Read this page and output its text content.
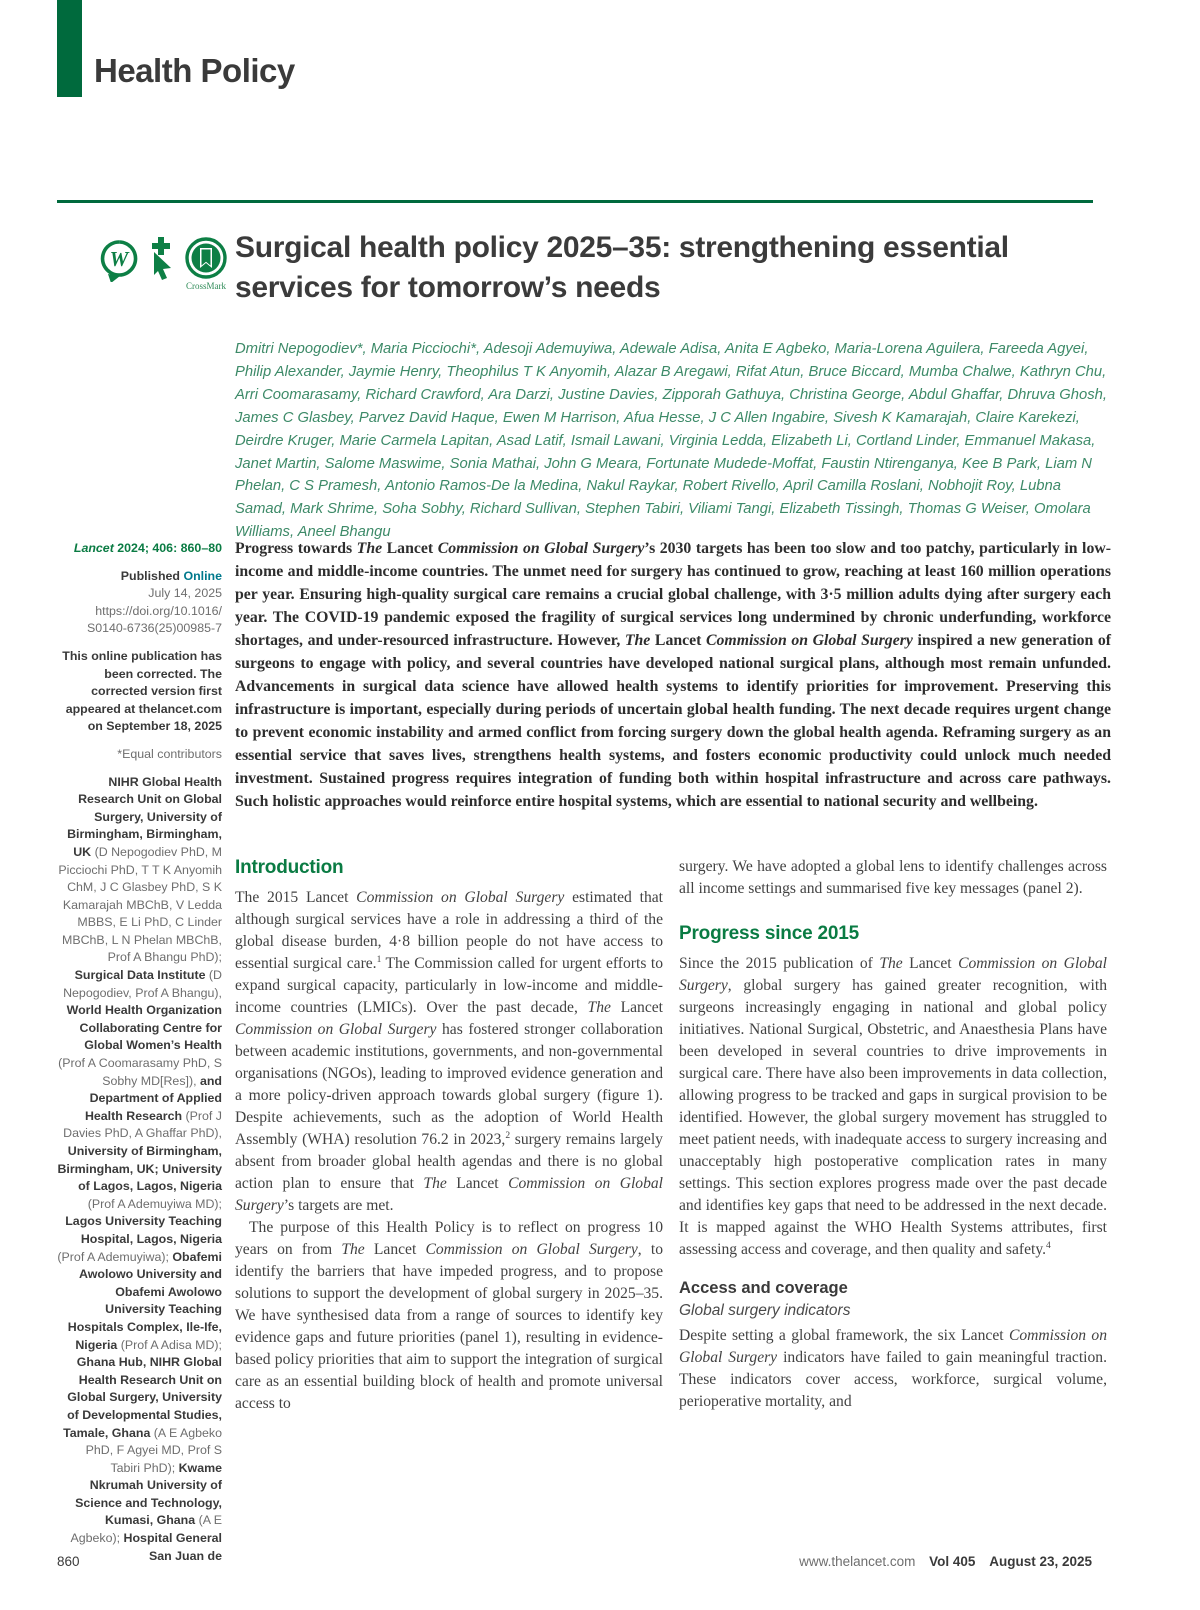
Health Policy
W
CrossMark
Surgical health policy 2025–35: strengthening essential
services for tomorrow’s needs

Dmitri Nepogodiev*, Maria Picciochi*, Adesoji Ademuyiwa, Adewale Adisa, Anita E Agbeko, Maria-Lorena Aguilera, Fareeda Agyei, Philip Alexander, Jaymie Henry, Theophilus T K Anyomih, Alazar B Aregawi, Rifat Atun, Bruce Biccard, Mumba Chalwe, Kathryn Chu, Arri Coomarasamy, Richard Crawford, Ara Darzi, Justine Davies, Zipporah Gathuya, Christina George, Abdul Ghaffar, Dhruva Ghosh, James C Glasbey, Parvez David Haque, Ewen M Harrison, Afua Hesse, J C Allen Ingabire, Sivesh K Kamarajah, Claire Karekezi, Deirdre Kruger, Marie Carmela Lapitan, Asad Latif, Ismail Lawani, Virginia Ledda, Elizabeth Li, Cortland Linder, Emmanuel Makasa, Janet Martin, Salome Maswime, Sonia Mathai, John G Meara, Fortunate Mudede-Moffat, Faustin Ntirenganya, Kee B Park, Liam N Phelan, C S Pramesh, Antonio Ramos-De la Medina, Nakul Raykar, Robert Rivello, April Camilla Roslani, Nobhojit Roy, Lubna Samad, Mark Shrime, Soha Sobhy, Richard Sullivan, Stephen Tabiri, Viliami Tangi, Elizabeth Tissingh, Thomas G Weiser, Omolara Williams, Aneel Bhangu

Progress towards The Lancet Commission on Global Surgery’s 2030 targets has been too slow and too patchy, particularly in low-income and middle-income countries. The unmet need for surgery has continued to grow, reaching at least 160 million operations per year. Ensuring high-quality surgical care remains a crucial global challenge, with 3·5 million adults dying after surgery each year. The COVID-19 pandemic exposed the fragility of surgical services long undermined by chronic underfunding, workforce shortages, and under-resourced infrastructure. However, The Lancet Commission on Global Surgery inspired a new generation of surgeons to engage with policy, and several countries have developed national surgical plans, although most remain unfunded. Advancements in surgical data science have allowed health systems to identify priorities for improvement. Preserving this infrastructure is important, especially during periods of uncertain global health funding. The next decade requires urgent change to prevent economic instability and armed conflict from forcing surgery down the global health agenda. Reframing surgery as an essential service that saves lives, strengthens health systems, and fosters economic productivity could unlock much needed investment. Sustained progress requires integration of funding both within hospital infrastructure and across care pathways. Such holistic approaches would reinforce entire hospital systems, which are essential to national security and wellbeing.

Lancet 2024; 406: 860–80

Published Online
July 14, 2025
https://doi.org/10.1016/
S0140-6736(25)00985-7

This online publication has been corrected. The corrected version first appeared at thelancet.com on September 18, 2025

*Equal contributors

NIHR Global Health Research Unit on Global Surgery, University of Birmingham, Birmingham, UK (D Nepogodiev PhD, M Picciochi PhD, T T K Anyomih ChM, J C Glasbey PhD, S K Kamarajah MBChB, V Ledda MBBS, E Li PhD, C Linder MBChB, L N Phelan MBChB, Prof A Bhangu PhD); Surgical Data Institute (D Nepogodiev, Prof A Bhangu), World Health Organization Collaborating Centre for Global Women’s Health (Prof A Coomarasamy PhD, S Sobhy MD[Res]), and Department of Applied Health Research (Prof J Davies PhD, A Ghaffar PhD), University of Birmingham, Birmingham, UK; University of Lagos, Lagos, Nigeria (Prof A Ademuyiwa MD); Lagos University Teaching Hospital, Lagos, Nigeria (Prof A Ademuyiwa); Obafemi Awolowo University and Obafemi Awolowo University Teaching Hospitals Complex, Ile-Ife, Nigeria (Prof A Adisa MD); Ghana Hub, NIHR Global Health Research Unit on Global Surgery, University of Developmental Studies, Tamale, Ghana (A E Agbeko PhD, F Agyei MD, Prof S Tabiri PhD); Kwame Nkrumah University of Science and Technology, Kumasi, Ghana (A E Agbeko); Hospital General San Juan de

Introduction

The 2015 Lancet Commission on Global Surgery estimated that although surgical services have a role in addressing a third of the global disease burden, 4·8 billion people do not have access to essential surgical care.$^1$ The Commission called for urgent efforts to expand surgical capacity, particularly in low-income and middle-income countries (LMICs). Over the past decade, The Lancet Commission on Global Surgery has fostered stronger collaboration between academic institutions, governments, and non-governmental organisations (NGOs), leading to improved evidence generation and a more policy-driven approach towards global surgery (figure 1). Despite achievements, such as the adoption of World Health Assembly (WHA) resolution 76.2 in 2023,$^2$ surgery remains largely absent from broader global health agendas and there is no global action plan to ensure that The Lancet Commission on Global Surgery’s targets are met.

The purpose of this Health Policy is to reflect on progress 10 years on from The Lancet Commission on Global Surgery, to identify the barriers that have impeded progress, and to propose solutions to support the development of global surgery in 2025–35. We have synthesised data from a range of sources to identify key evidence gaps and future priorities (panel 1), resulting in evidence-based policy priorities that aim to support the integration of surgical care as an essential building block of health and promote universal access to

surgery. We have adopted a global lens to identify challenges across all income settings and summarised five key messages (panel 2).

Progress since 2015

Since the 2015 publication of The Lancet Commission on Global Surgery, global surgery has gained greater recognition, with surgeons increasingly engaging in national and global policy initiatives. National Surgical, Obstetric, and Anaesthesia Plans have been developed in several countries to drive improvements in surgical care. There have also been improvements in data collection, allowing progress to be tracked and gaps in surgical provision to be identified. However, the global surgery movement has struggled to meet patient needs, with inadequate access to surgery increasing and unacceptably high postoperative complication rates in many settings. This section explores progress made over the past decade and identifies key gaps that need to be addressed in the next decade. It is mapped against the WHO Health Systems attributes, first assessing access and coverage, and then quality and safety.$^4$

Access and coverage
Global surgery indicators

Despite setting a global framework, the six Lancet Commission on Global Surgery indicators have failed to gain meaningful traction. These indicators cover access, workforce, surgical volume, perioperative mortality, and

860	www.thelancet.com Vol 405 August 23, 2025
